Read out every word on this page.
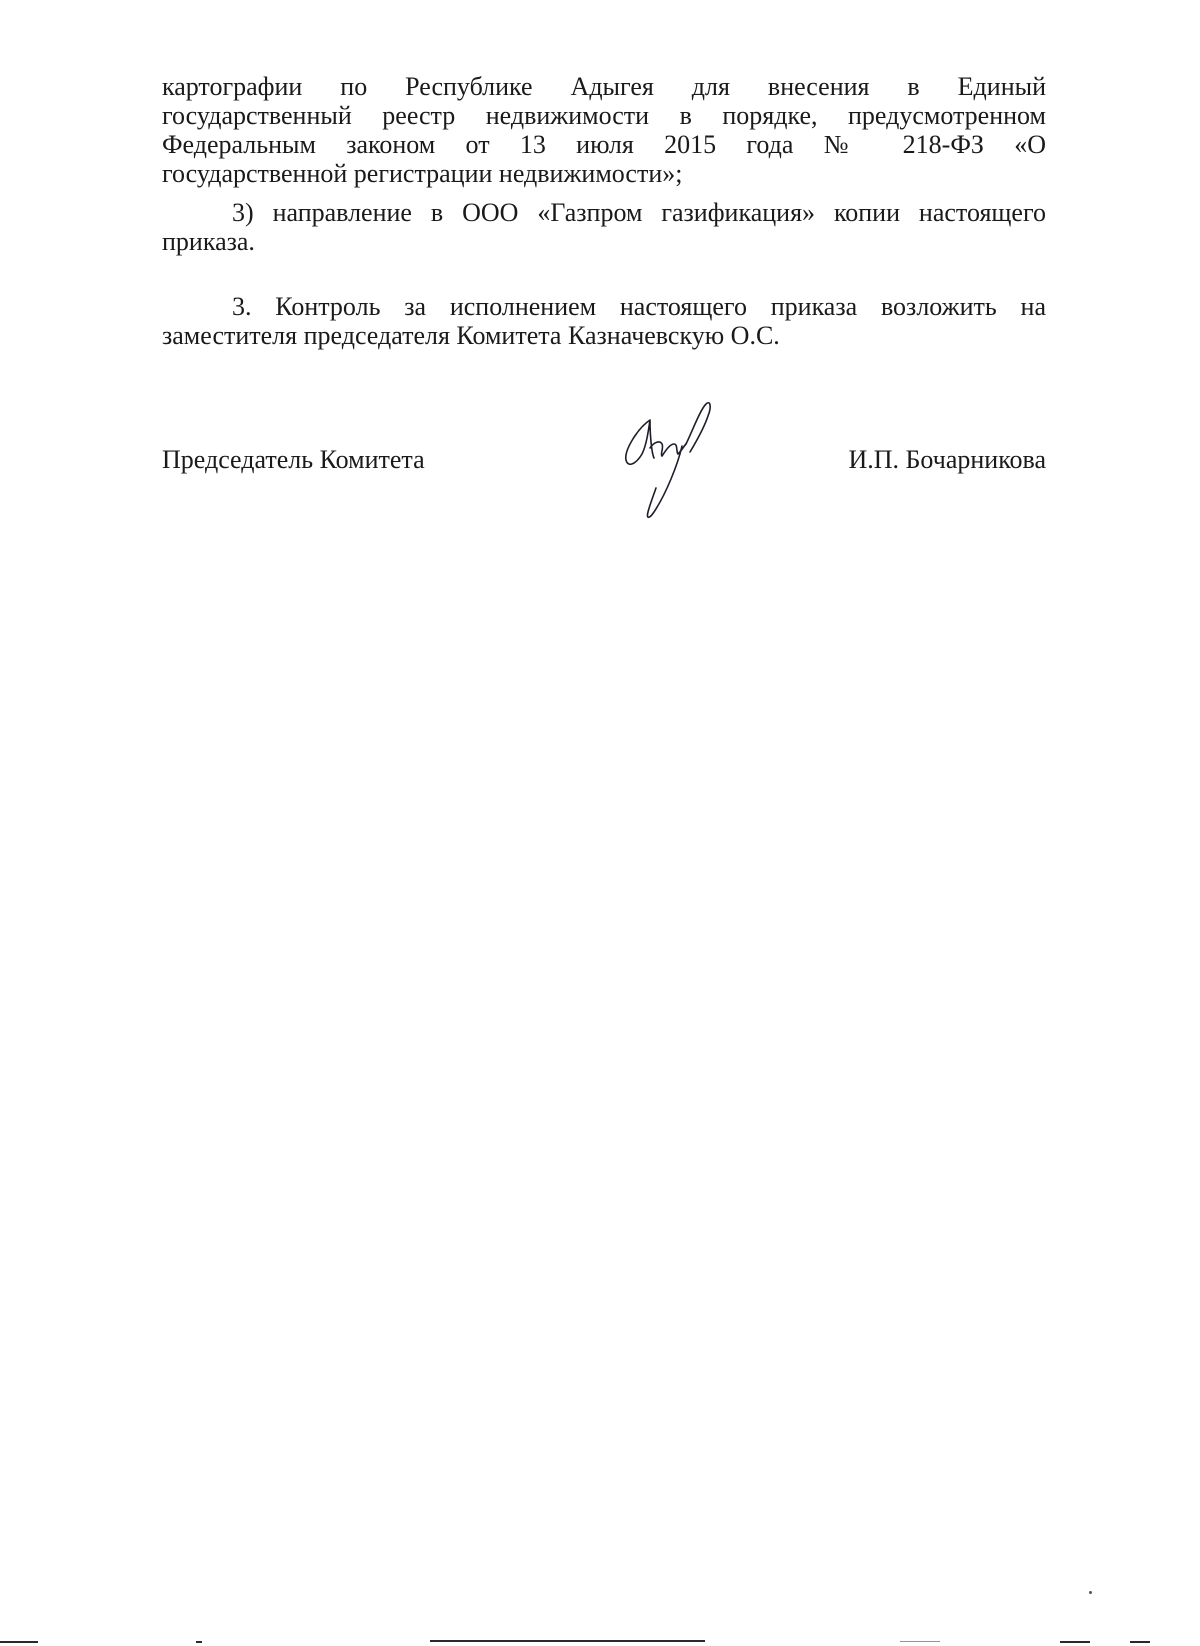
картографии по Республике Адыгея для внесения в Единый
государственный реестр недвижимости в порядке, предусмотренном
Федеральным законом от 13 июля 2015 года № 218-ФЗ «О
государственной регистрации недвижимости»;
3) направление в ООО «Газпром газификация» копии настоящего
приказа.
3. Контроль за исполнением настоящего приказа возложить на
заместителя председателя Комитета Казначевскую О.С.
Председатель Комитета	И.П. Бочарникова
